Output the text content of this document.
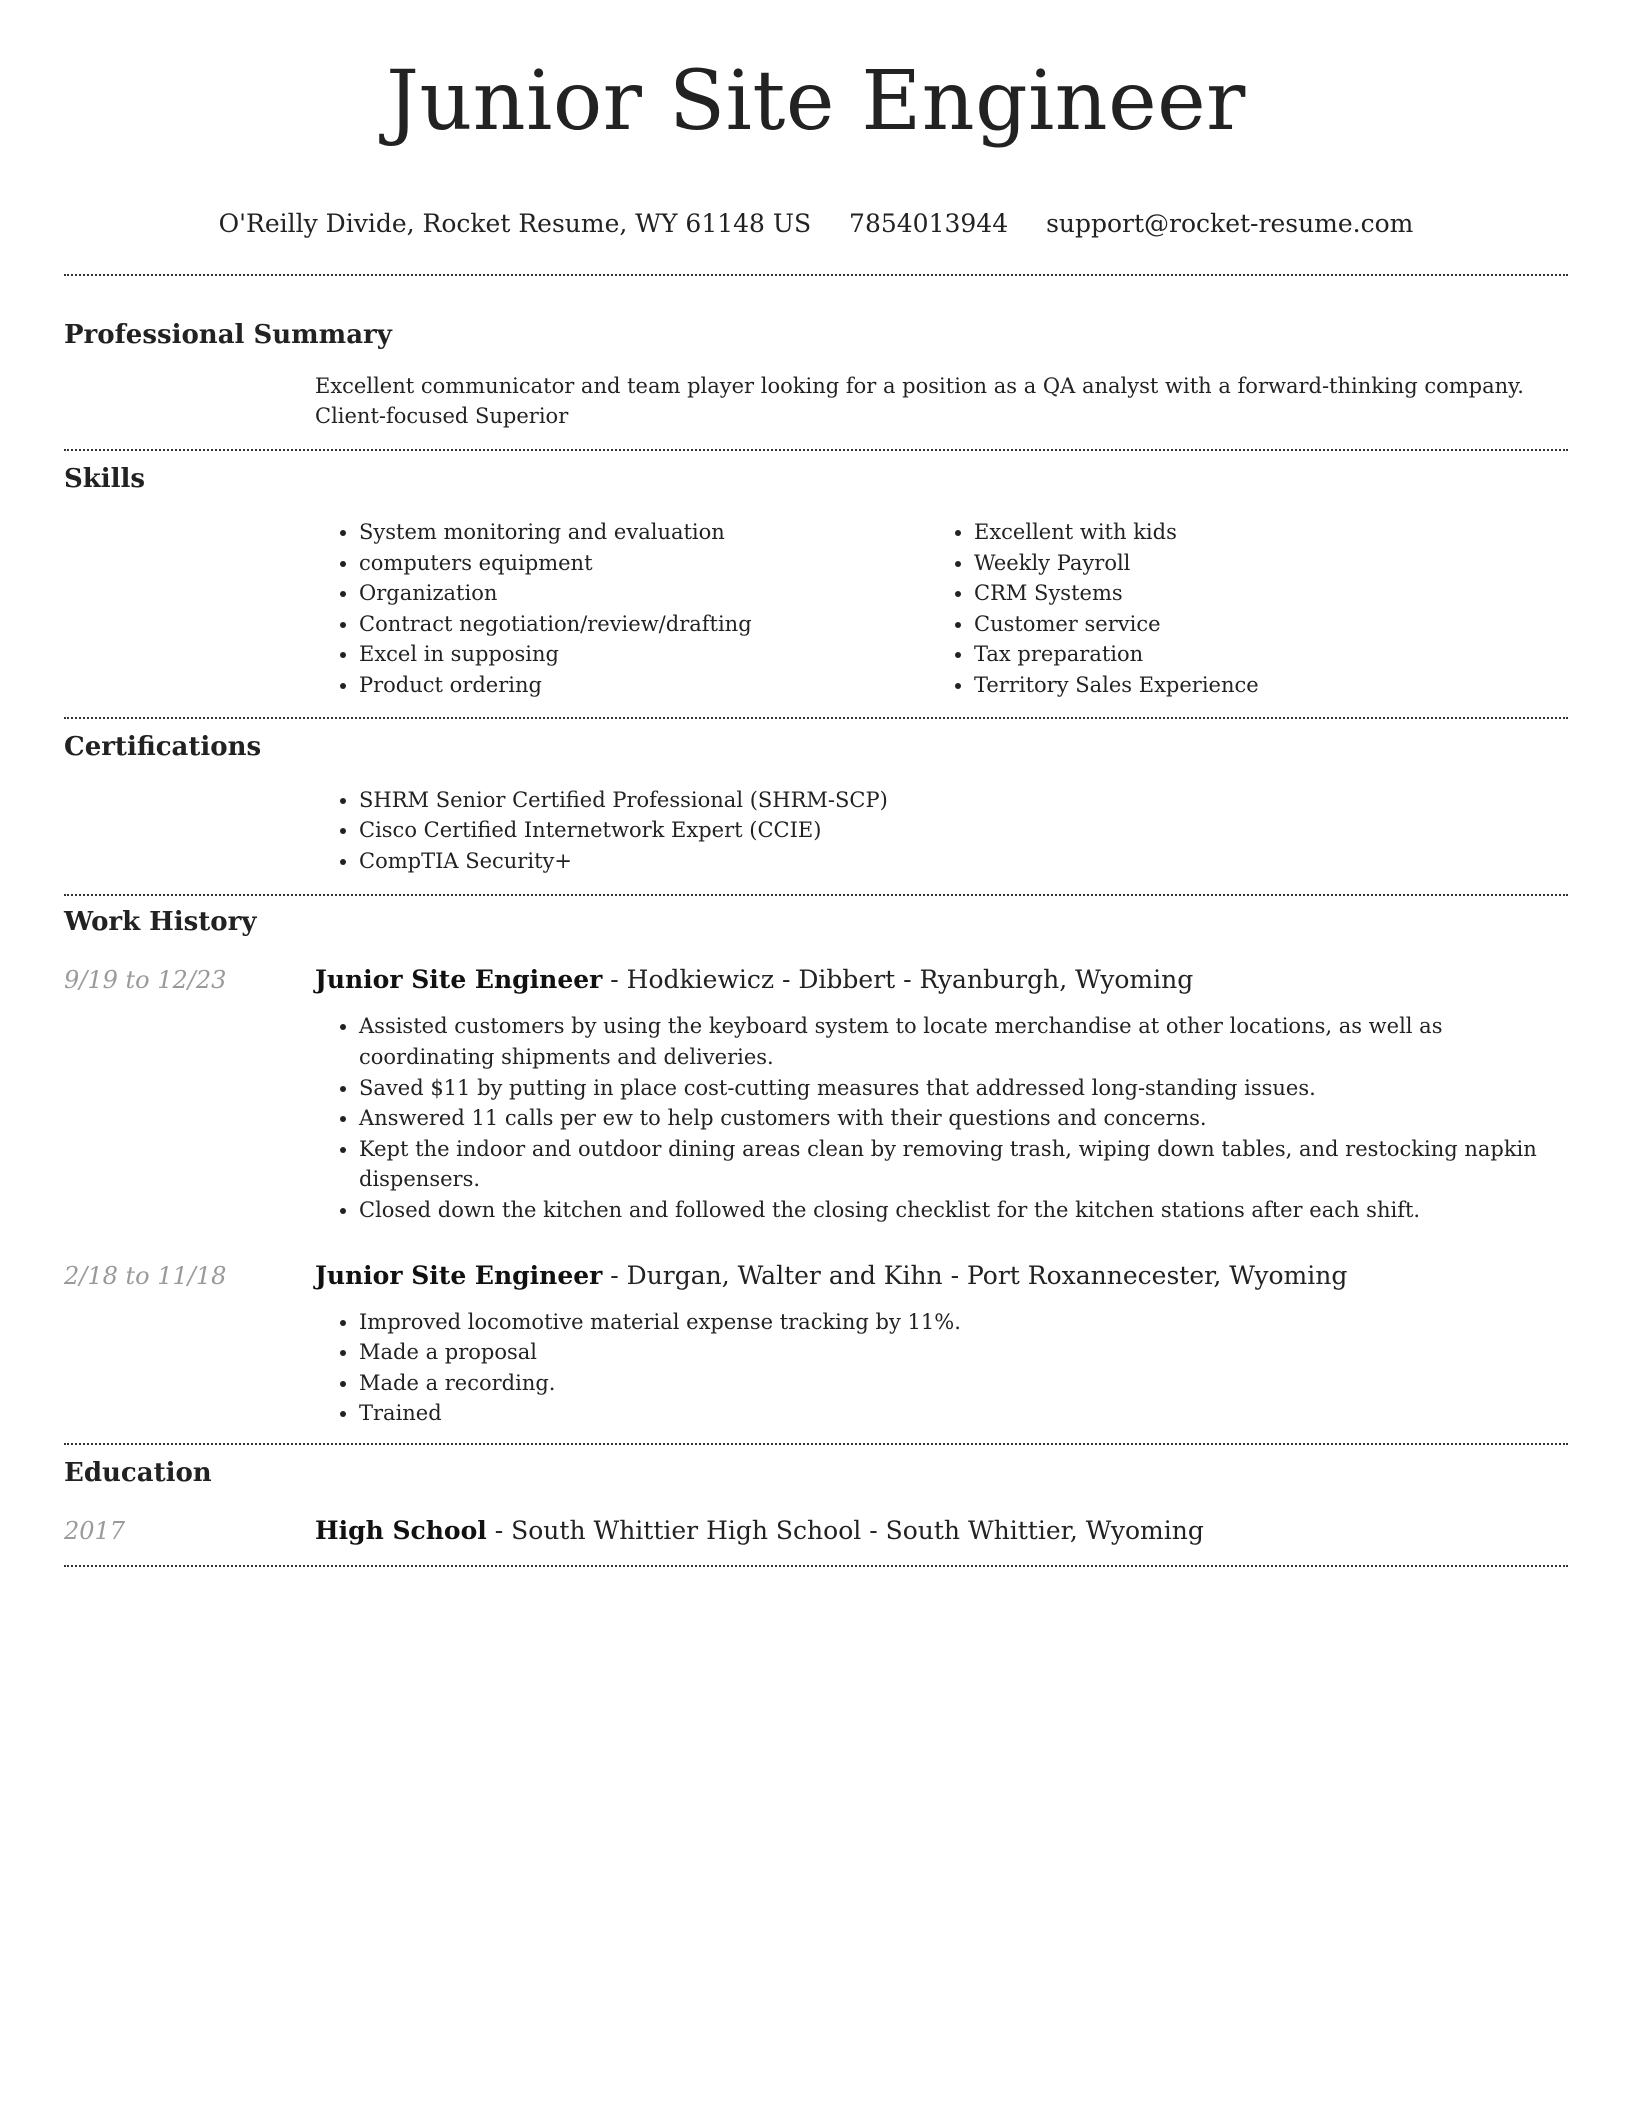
Junior Site Engineer
O'Reilly Divide, Rocket Resume, WY 61148 US 7854013944 support@rocket-resume.com
Professional Summary
Excellent communicator and team player looking for a position as a QA analyst with a forward-thinking company. Client-focused Superior
Skills
• System monitoring and evaluation
• computers equipment
• Organization
• Contract negotiation/review/drafting
• Excel in supposing
• Product ordering
• Excellent with kids
• Weekly Payroll
• CRM Systems
• Customer service
• Tax preparation
• Territory Sales Experience
Certifications
• SHRM Senior Certified Professional (SHRM-SCP)
• Cisco Certified Internetwork Expert (CCIE)
• CompTIA Security+
Work History
9/19 to 12/23	Junior Site Engineer - Hodkiewicz - Dibbert - Ryanburgh, Wyoming
• Assisted customers by using the keyboard system to locate merchandise at other locations, as well as coordinating shipments and deliveries.
• Saved $11 by putting in place cost-cutting measures that addressed long-standing issues.
• Answered 11 calls per ew to help customers with their questions and concerns.
• Kept the indoor and outdoor dining areas clean by removing trash, wiping down tables, and restocking napkin dispensers.
• Closed down the kitchen and followed the closing checklist for the kitchen stations after each shift.
2/18 to 11/18	Junior Site Engineer - Durgan, Walter and Kihn - Port Roxannecester, Wyoming
• Improved locomotive material expense tracking by 11%.
• Made a proposal
• Made a recording.
• Trained
Education
2017	High School - South Whittier High School - South Whittier, Wyoming
